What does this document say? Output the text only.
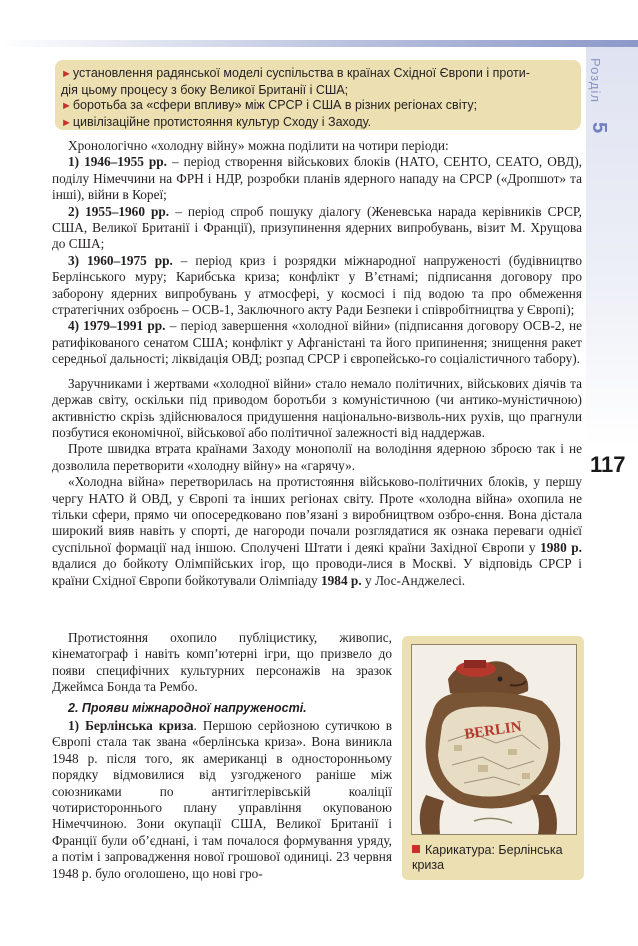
Розділ
5
117
►установлення радянської моделі суспільства в країнах Східної Європи і проти-
дія цьому процесу з боку Великої Британії і США;
►боротьба за «сфери впливу» між СРСР і США в різних регіонах світу;
►цивілізаційне протистояння культур Сходу і Заходу.

Хронологічно «холодну війну» можна поділити на чотири періоди:

1) 1946–1955 рр. – період створення військових блоків (НАТО, СЕНТО, СЕАТО, ОВД), поділу Німеччини на ФРН і НДР, розробки планів ядерного нападу на СРСР («Дропшот» та інші), війни в Кореї;

2) 1955–1960 рр. – період спроб пошуку діалогу (Женевська нарада керівників СРСР, США, Великої Британії і Франції), призупинення ядерних випробувань, візит М. Хрущова до США;

3) 1960–1975 рр. – період криз і розрядки міжнародної напруженості (будівництво Берлінського муру; Карибська криза; конфлікт у В’єтнамі; підписання договору про заборону ядерних випробувань у атмосфері, у космосі і під водою та про обмеження стратегічних озброєнь – ОСВ-1, Заключного акту Ради Безпеки і співробітництва у Європі);

4) 1979–1991 рр. – період завершення «холодної війни» (підписання договору ОСВ-2, не ратифікованого сенатом США; конфлікт у Афганістані та його припинення; знищення ракет середньої дальності; ліквідація ОВД; розпад СРСР і європейсько-го соціалістичного табору).

Заручниками і жертвами «холодної війни» стало немало політичних, військових діячів та держав світу, оскільки під приводом боротьби з комуністичною (чи антико-муністичною) активністю скрізь здійснювалося придушення національно-визволь-них рухів, що прагнули позбутися економічної, військової або політичної залежності від наддержав.

Проте швидка втрата країнами Заходу монополії на володіння ядерною зброєю так і не дозволила перетворити «холодну війну» на «гарячу».

«Холодна війна» перетворилась на протистояння військово-політичних блоків, у першу чергу НАТО й ОВД, у Європі та інших регіонах світу. Проте «холодна війна» охопила не тільки сфери, прямо чи опосередковано пов’язані з виробництвом озбро-єння. Вона дістала широкий вияв навіть у спорті, де нагороди почали розглядатися як ознака переваги однієї суспільної формації над іншою. Сполучені Штати і деякі країни Західної Європи у 1980 р. вдалися до бойкоту Олімпійських ігор, що проводи-лися в Москві. У відповідь СРСР і країни Східної Європи бойкотували Олімпіаду 1984 р. у Лос-Анджелесі.

Протистояння охопило публіцистику, живопис, кінематограф і навіть комп’ютерні ігри, що призвело до появи специфічних культурних персонажів на зразок Джеймса Бонда та Рембо.

2. Прояви міжнародної напруженості.

1) Берлінська криза. Першою серйозною сутичкою в Європі стала так звана «берлінська криза». Вона виникла 1948 р. після того, як американці в односторонньому порядку відмовилися від узгодженого раніше між союзниками по антигітлерівській коаліції чотиристороннього плану управління окупованою Німеччиною. Зони окупації США, Великої Британії і Франції були об’єднані, і там почалося формування уряду, а потім і запровадження нової грошової одиниці. 23 червня 1948 р. було оголошено, що нові гро-

BERLIN
Карикатура: Берлінська криза
